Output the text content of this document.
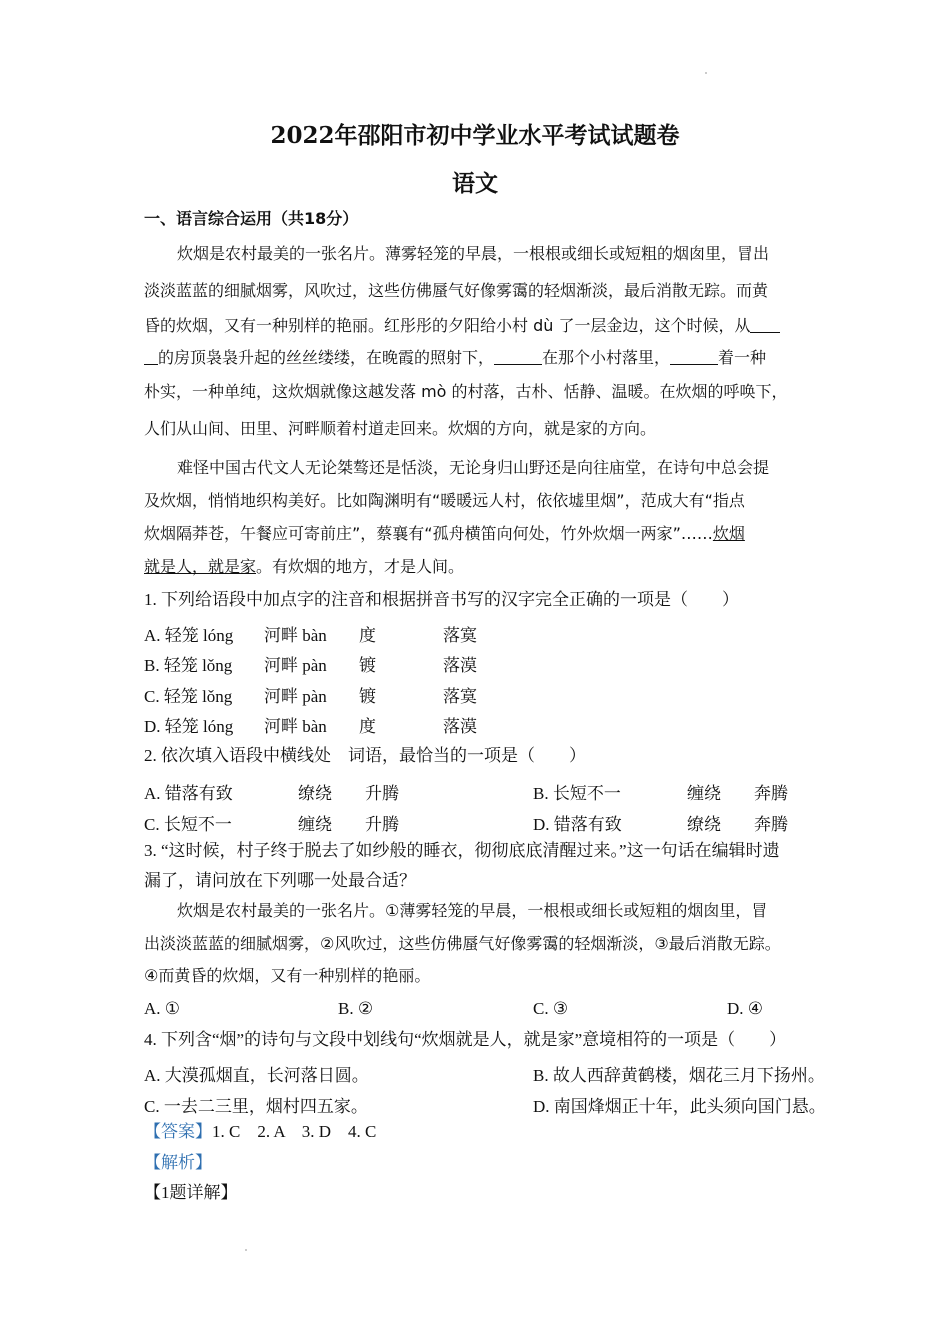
2022年邵阳市初中学业水平考试试题卷
语文
一、语言综合运用（共18分）
炊烟是农村最美的一张名片。薄雾轻笼的早晨，一根根或细长或短粗的烟囱里，冒出
淡淡蓝蓝的细腻烟雾，风吹过，这些仿佛蜃气好像雾霭的轻烟渐淡，最后消散无踪。而黄
昏的炊烟，又有一种别样的艳丽。红彤彤的夕阳给小村 dù 了一层金边，这个时候，从
的房顶袅袅升起的丝丝缕缕，在晚霞的照射下，	在那个小村落里，	着一种
朴实，一种单纯，这炊烟就像这越发落 mò 的村落，古朴、恬静、温暖。在炊烟的呼唤下，
人们从山间、田里、河畔顺着村道走回来。炊烟的方向，就是家的方向。
难怪中国古代文人无论桀骜还是恬淡，无论身归山野还是向往庙堂，在诗句中总会提
及炊烟，悄悄地织构美好。比如陶渊明有“暖暖远人村，依依墟里烟”，范成大有“指点
炊烟隔莽苍，午餐应可寄前庄”，蔡襄有“孤舟横笛向何处，竹外炊烟一两家”……炊烟
就是人，就是家。有炊烟的地方，才是人间。
1. 下列给语段中加点字的注音和根据拼音书写的汉字完全正确的一项是（　　）
A. 轻笼 lóng 河畔 bàn 度	落寞
B. 轻笼 lǒng 河畔 pàn 镀	落漠
C. 轻笼 lǒng 河畔 pàn 镀	落寞
D. 轻笼 lóng 河畔 bàn 度	落漠
2. 依次填入语段中横线处　词语，最恰当的一项是（　　）
A. 错落有致	缭绕 升腾	B. 长短不一	缠绕 奔腾
C. 长短不一	缠绕 升腾	D. 错落有致	缭绕 奔腾
3. “这时候，村子终于脱去了如纱般的睡衣，彻彻底底清醒过来。”这一句话在编辑时遗
漏了，请问放在下列哪一处最合适？
炊烟是农村最美的一张名片。①薄雾轻笼的早晨，一根根或细长或短粗的烟囱里，冒
出淡淡蓝蓝的细腻烟雾，②风吹过，这些仿佛蜃气好像雾霭的轻烟渐淡，③最后消散无踪。
④而黄昏的炊烟，又有一种别样的艳丽。
A. ①	B. ②	C. ③	D. ④
4. 下列含“烟”的诗句与文段中划线句“炊烟就是人，就是家”意境相符的一项是（　　）
A. 大漠孤烟直，长河落日圆。	B. 故人西辞黄鹤楼，烟花三月下扬州。
C. 一去二三里，烟村四五家。	D. 南国烽烟正十年，此头须向国门悬。
【答案】1. C　2. A　3. D　4. C
【解析】
【1题详解】
